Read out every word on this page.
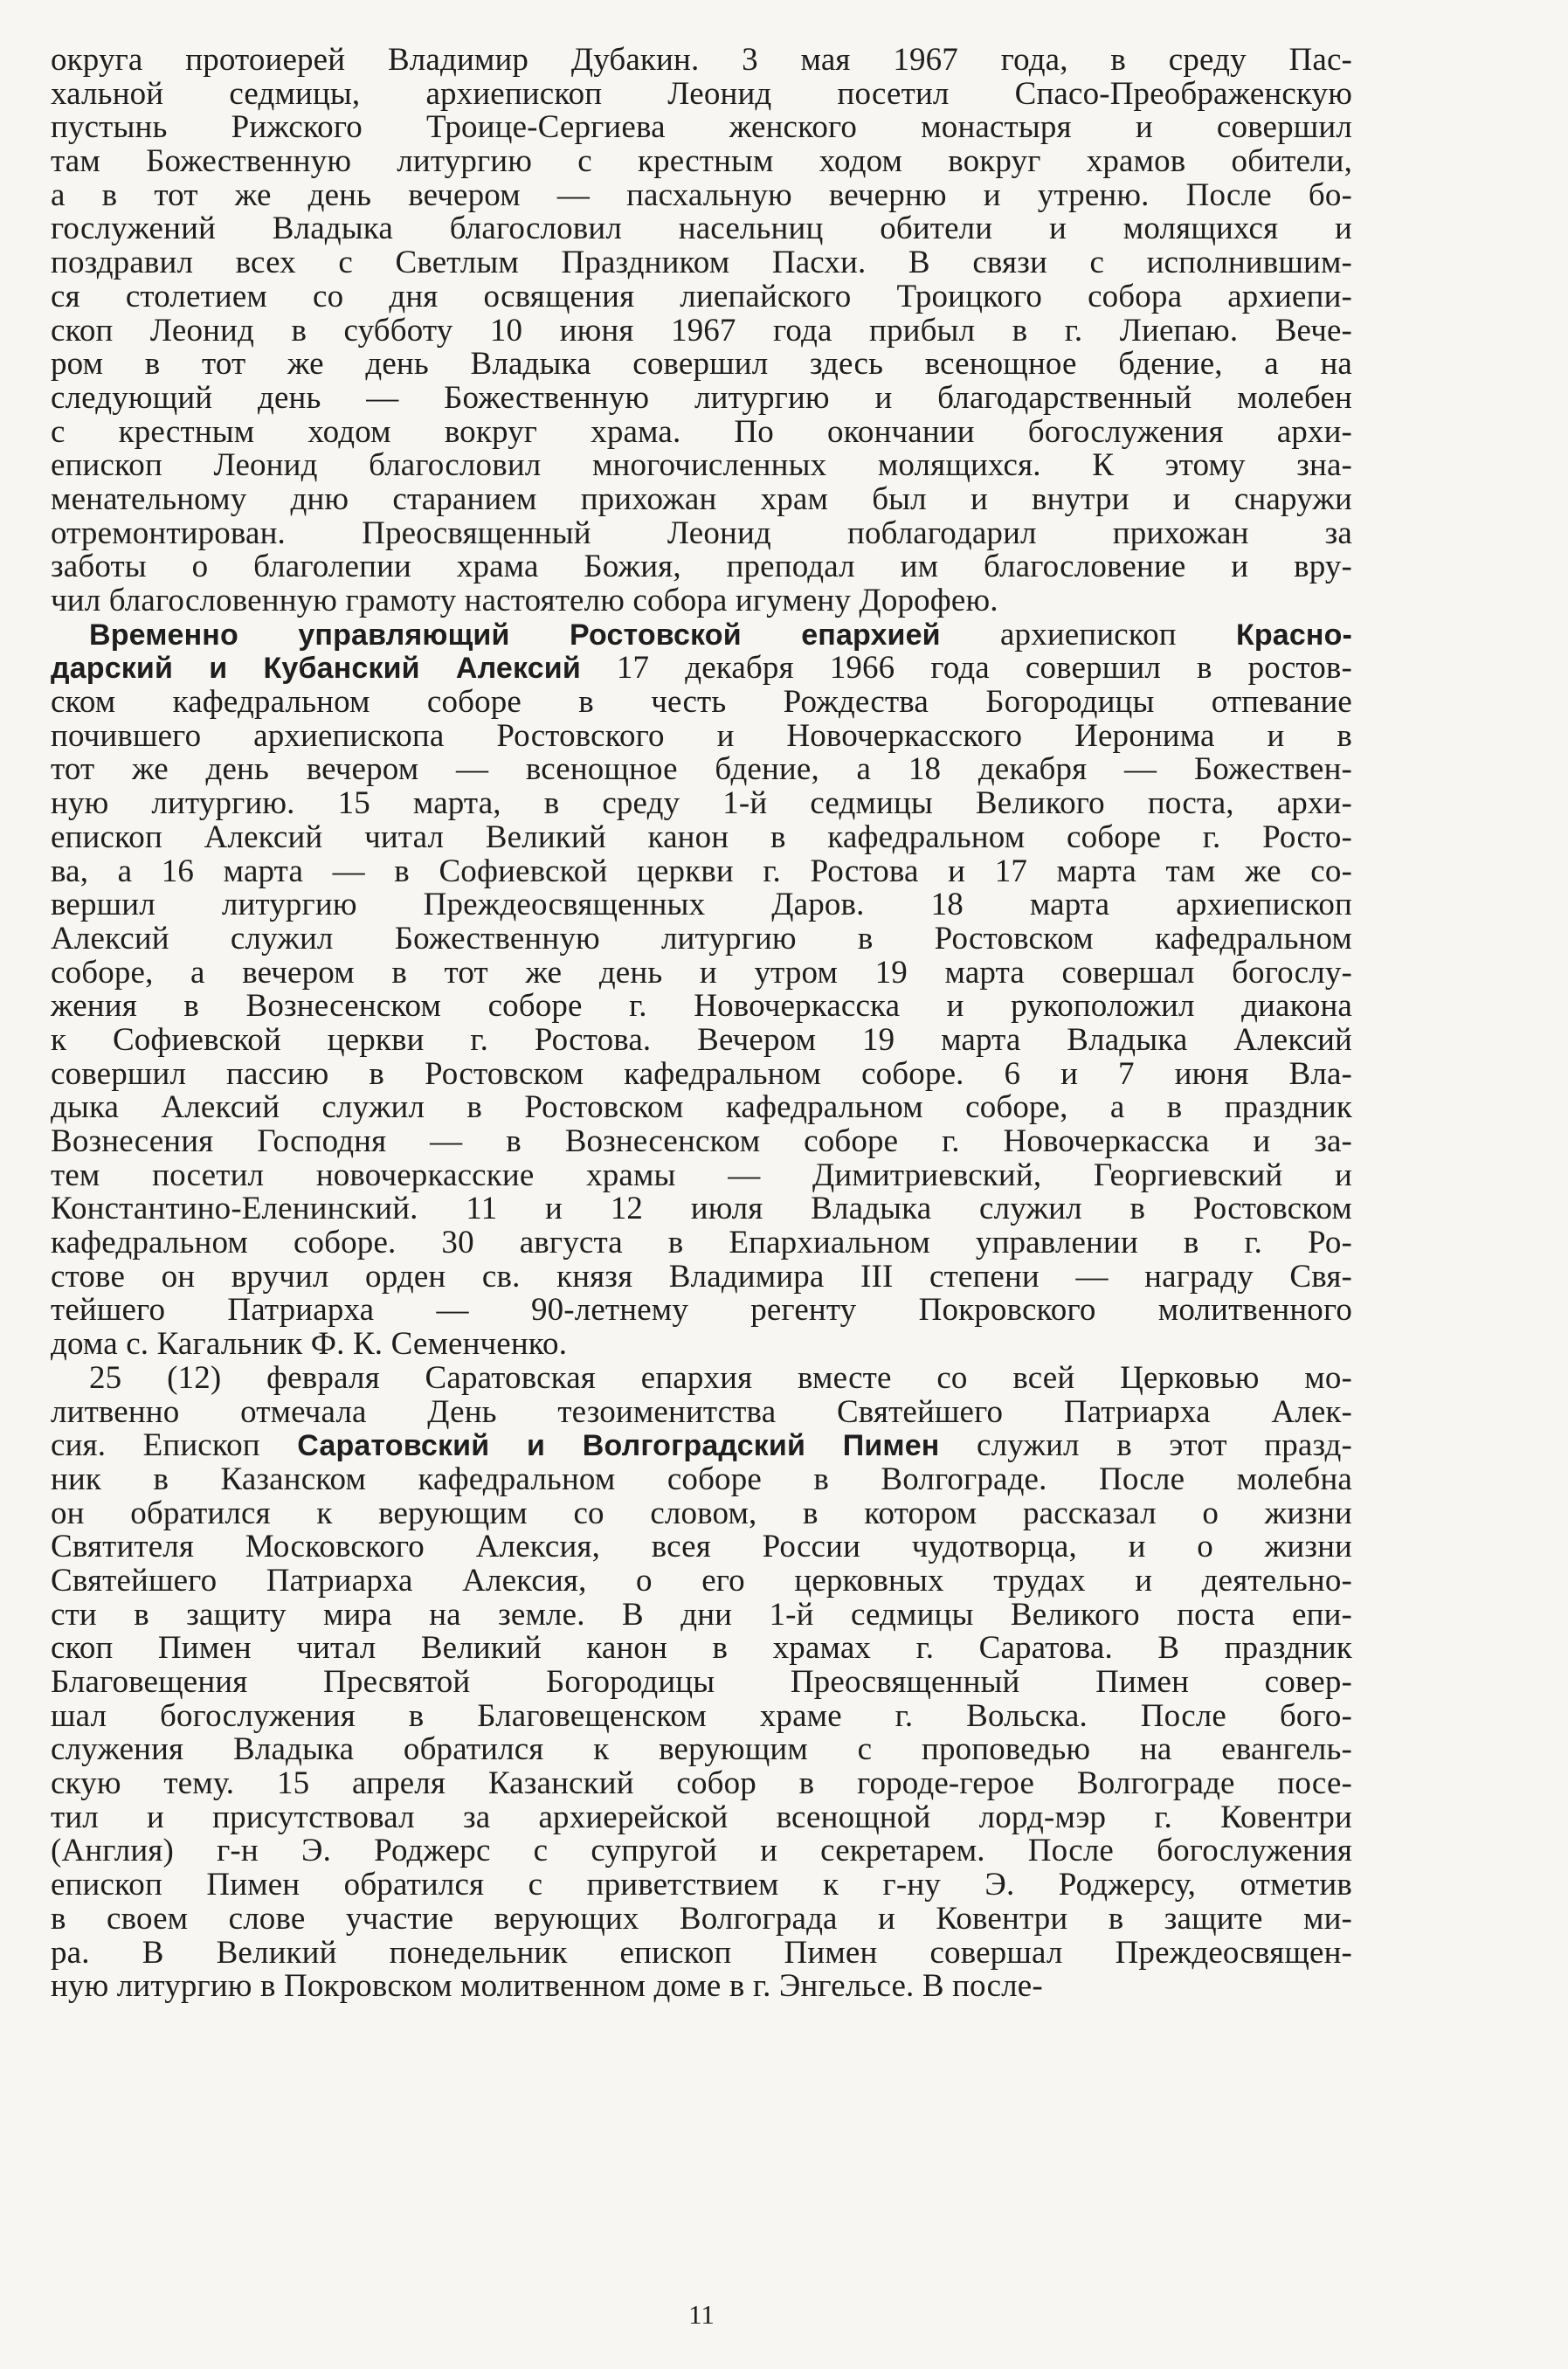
округа протоиерей Владимир Дубакин. 3 мая 1967 года, в среду Пас-
хальной седмицы, архиепископ Леонид посетил Спасо-Преображенскую
пустынь Рижского Троице-Сергиева женского монастыря и совершил
там Божественную литургию с крестным ходом вокруг храмов обители,
а в тот же день вечером — пасхальную вечерню и утреню. После бо-
гослужений Владыка благословил насельниц обители и молящихся и
поздравил всех с Светлым Праздником Пасхи. В связи с исполнившим-
ся столетием со дня освящения лиепайского Троицкого собора архиепи-
скоп Леонид в субботу 10 июня 1967 года прибыл в г. Лиепаю. Вече-
ром в тот же день Владыка совершил здесь всенощное бдение, а на
следующий день — Божественную литургию и благодарственный молебен
с крестным ходом вокруг храма. По окончании богослужения архи-
епископ Леонид благословил многочисленных молящихся. К этому зна-
менательному дню старанием прихожан храм был и внутри и снаружи
отремонтирован. Преосвященный Леонид поблагодарил прихожан за
заботы о благолепии храма Божия, преподал им благословение и вру-
чил благословенную грамоту настоятелю собора игумену Дорофею.
Временно управляющий Ростовской епархией архиепископ Красно-
дарский и Кубанский Алексий 17 декабря 1966 года совершил в ростов-
ском кафедральном соборе в честь Рождества Богородицы отпевание
почившего архиепископа Ростовского и Новочеркасского Иеронима и в
тот же день вечером — всенощное бдение, а 18 декабря — Божествен-
ную литургию. 15 марта, в среду 1-й седмицы Великого поста, архи-
епископ Алексий читал Великий канон в кафедральном соборе г. Росто-
ва, а 16 марта — в Софиевской церкви г. Ростова и 17 марта там же со-
вершил литургию Преждеосвященных Даров. 18 марта архиепископ
Алексий служил Божественную литургию в Ростовском кафедральном
соборе, а вечером в тот же день и утром 19 марта совершал богослу-
жения в Вознесенском соборе г. Новочеркасска и рукоположил диакона
к Софиевской церкви г. Ростова. Вечером 19 марта Владыка Алексий
совершил пассию в Ростовском кафедральном соборе. 6 и 7 июня Вла-
дыка Алексий служил в Ростовском кафедральном соборе, а в праздник
Вознесения Господня — в Вознесенском соборе г. Новочеркасска и за-
тем посетил новочеркасские храмы — Димитриевский, Георгиевский и
Константино-Еленинский. 11 и 12 июля Владыка служил в Ростовском
кафедральном соборе. 30 августа в Епархиальном управлении в г. Ро-
стове он вручил орден св. князя Владимира III степени — награду Свя-
тейшего Патриарха — 90-летнему регенту Покровского молитвенного
дома с. Кагальник Ф. К. Семенченко.
25 (12) февраля Саратовская епархия вместе со всей Церковью мо-
литвенно отмечала День тезоименитства Святейшего Патриарха Алек-
сия. Епископ Саратовский и Волгоградский Пимен служил в этот празд-
ник в Казанском кафедральном соборе в Волгограде. После молебна
он обратился к верующим со словом, в котором рассказал о жизни
Святителя Московского Алексия, всея России чудотворца, и о жизни
Святейшего Патриарха Алексия, о его церковных трудах и деятельно-
сти в защиту мира на земле. В дни 1-й седмицы Великого поста епи-
скоп Пимен читал Великий канон в храмах г. Саратова. В праздник
Благовещения Пресвятой Богородицы Преосвященный Пимен совер-
шал богослужения в Благовещенском храме г. Вольска. После бого-
служения Владыка обратился к верующим с проповедью на евангель-
скую тему. 15 апреля Казанский собор в городе-герое Волгограде посе-
тил и присутствовал за архиерейской всенощной лорд-мэр г. Ковентри
(Англия) г-н Э. Роджерс с супругой и секретарем. После богослужения
епископ Пимен обратился с приветствием к г-ну Э. Роджерсу, отметив
в своем слове участие верующих Волгограда и Ковентри в защите ми-
ра. В Великий понедельник епископ Пимен совершал Преждеосвящен-
ную литургию в Покровском молитвенном доме в г. Энгельсе. В после-
11
